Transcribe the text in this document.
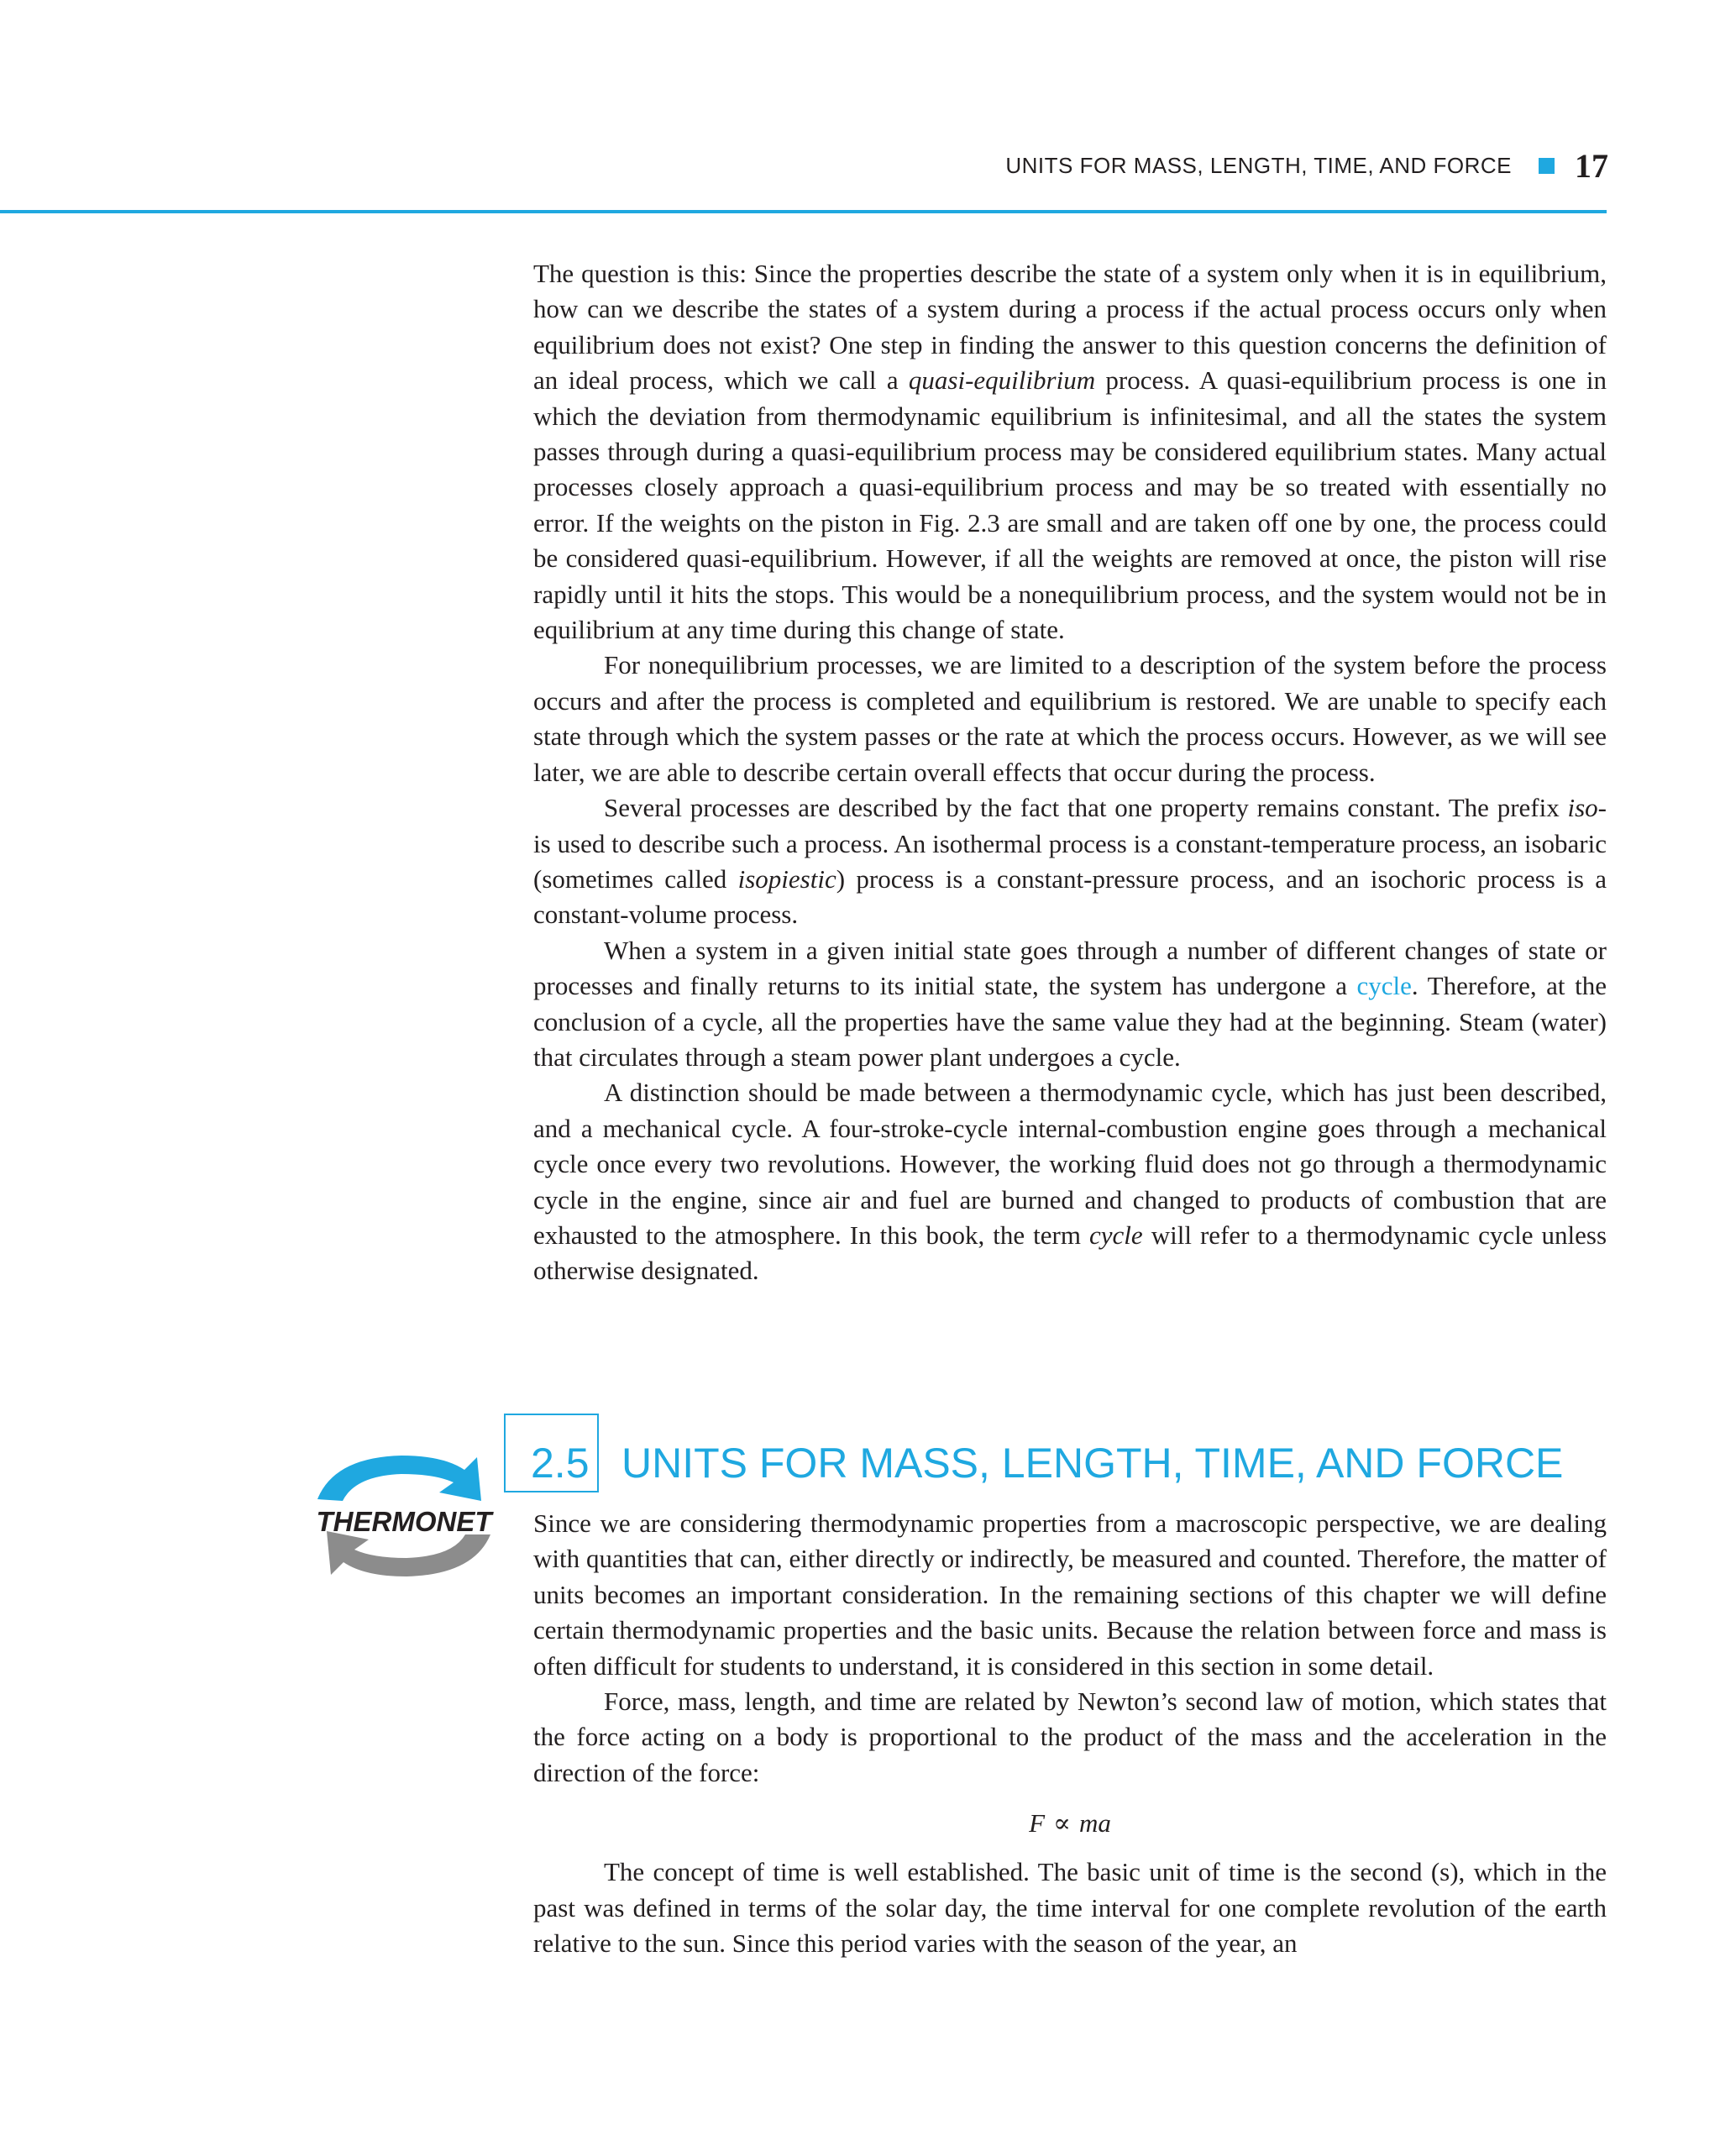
UNITS FOR MASS, LENGTH, TIME, AND FORCE 17

The question is this: Since the properties describe the state of a system only when it is in equilibrium, how can we describe the states of a system during a process if the actual process occurs only when equilibrium does not exist? One step in finding the answer to this question concerns the definition of an ideal process, which we call a quasi-equilibrium process. A quasi-equilibrium process is one in which the deviation from thermodynamic equilibrium is infinitesimal, and all the states the system passes through during a quasi-equilibrium process may be considered equilibrium states. Many actual processes closely approach a quasi-equilibrium process and may be so treated with essentially no error. If the weights on the piston in Fig. 2.3 are small and are taken off one by one, the process could be considered quasi-equilibrium. However, if all the weights are removed at once, the piston will rise rapidly until it hits the stops. This would be a nonequilibrium process, and the system would not be in equilibrium at any time during this change of state.

For nonequilibrium processes, we are limited to a description of the system before the process occurs and after the process is completed and equilibrium is restored. We are unable to specify each state through which the system passes or the rate at which the process occurs. However, as we will see later, we are able to describe certain overall effects that occur during the process.

Several processes are described by the fact that one property remains constant. The prefix iso- is used to describe such a process. An isothermal process is a constant-temperature process, an isobaric (sometimes called isopiestic) process is a constant-pressure process, and an isochoric process is a constant-volume process.

When a system in a given initial state goes through a number of different changes of state or processes and finally returns to its initial state, the system has undergone a cycle. Therefore, at the conclusion of a cycle, all the properties have the same value they had at the beginning. Steam (water) that circulates through a steam power plant undergoes a cycle.

A distinction should be made between a thermodynamic cycle, which has just been described, and a mechanical cycle. A four-stroke-cycle internal-combustion engine goes through a mechanical cycle once every two revolutions. However, the working fluid does not go through a thermodynamic cycle in the engine, since air and fuel are burned and changed to products of combustion that are exhausted to the atmosphere. In this book, the term cycle will refer to a thermodynamic cycle unless otherwise designated.

THERMONET
2.5 UNITS FOR MASS, LENGTH, TIME, AND FORCE

Since we are considering thermodynamic properties from a macroscopic perspective, we are dealing with quantities that can, either directly or indirectly, be measured and counted. Therefore, the matter of units becomes an important consideration. In the remaining sections of this chapter we will define certain thermodynamic properties and the basic units. Because the relation between force and mass is often difficult for students to understand, it is considered in this section in some detail.

Force, mass, length, and time are related by Newton’s second law of motion, which states that the force acting on a body is proportional to the product of the mass and the acceleration in the direction of the force:

F ∝ ma

The concept of time is well established. The basic unit of time is the second (s), which in the past was defined in terms of the solar day, the time interval for one complete revolution of the earth relative to the sun. Since this period varies with the season of the year, an
